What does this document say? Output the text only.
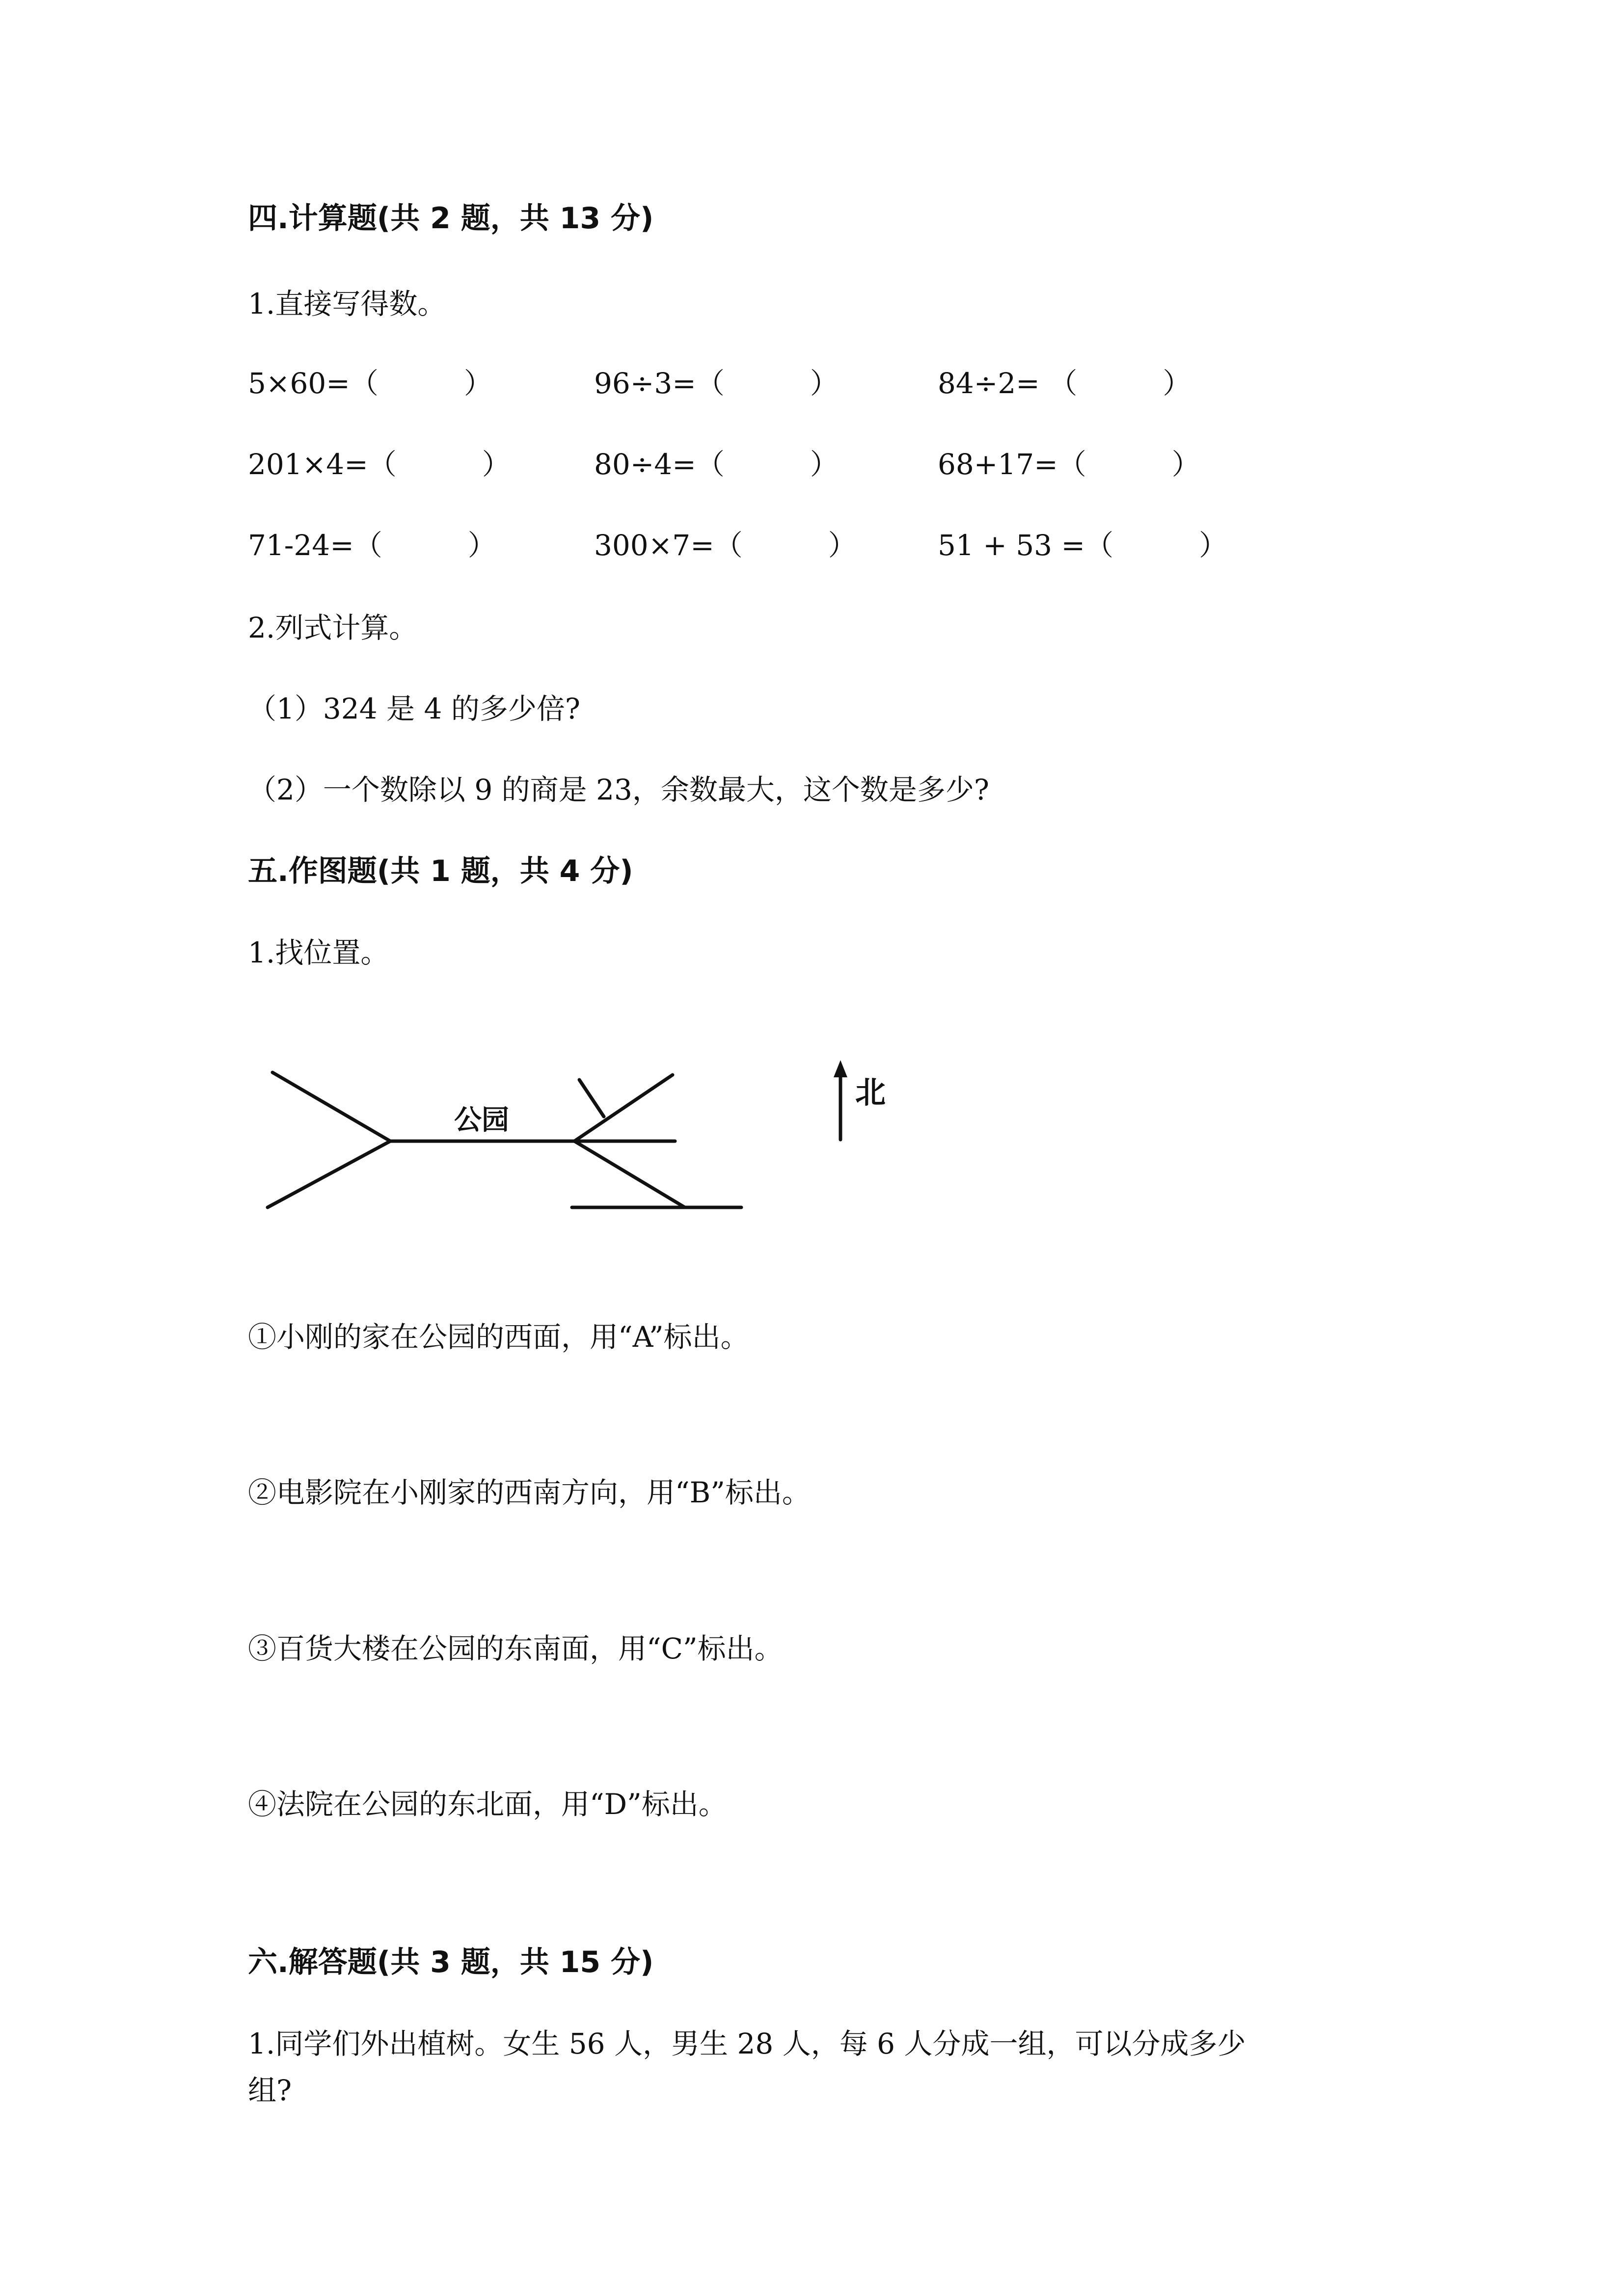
四.计算题(共 2 题，共 13 分)
1.直接写得数。
5×60=（　　　）	96÷3=（　　　）	84÷2= （　　　）
201×4=（　　　）	80÷4=（　　　）	68+17=（　　　）
71-24=（　　　）	300×7=（　　　）	51 + 53 =（　　　）
2.列式计算。
（1）324 是 4 的多少倍?
（2）一个数除以 9 的商是 23，余数最大，这个数是多少?
五.作图题(共 1 题，共 4 分)
1.找位置。
公园
北
①小刚的家在公园的西面，用“A”标出。
②电影院在小刚家的西南方向，用“B”标出。
③百货大楼在公园的东南面，用“C”标出。
④法院在公园的东北面，用“D”标出。
六.解答题(共 3 题，共 15 分)
1.同学们外出植树。女生 56 人，男生 28 人，每 6 人分成一组，可以分成多少
组?
